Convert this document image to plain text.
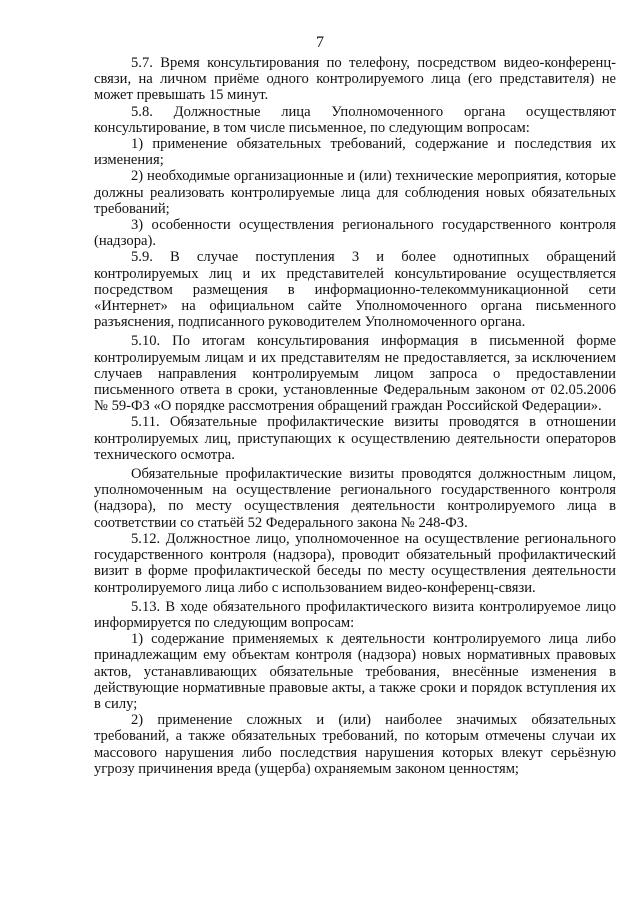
7

5.7. Время консультирования по телефону, посредством видео-конференц-связи, на личном приёме одного контролируемого лица (его представителя) не может превышать 15 минут.

5.8. Должностные лица Уполномоченного органа осуществляют консультирование, в том числе письменное, по следующим вопросам:

1) применение обязательных требований, содержание и последствия их изменения;

2) необходимые организационные и (или) технические мероприятия, которые должны реализовать контролируемые лица для соблюдения новых обязательных требований;

3) особенности осуществления регионального государственного контроля (надзора).

5.9. В случае поступления 3 и более однотипных обращений контролируемых лиц и их представителей консультирование осуществляется посредством размещения в информационно-телекоммуникационной сети «Интернет» на официальном сайте Уполномоченного органа письменного разъяснения, подписанного руководителем Уполномоченного органа.

5.10. По итогам консультирования информация в письменной форме контролируемым лицам и их представителям не предоставляется, за исключением случаев направления контролируемым лицом запроса о предоставлении письменного ответа в сроки, установленные Федеральным законом от 02.05.2006 № 59-ФЗ «О порядке рассмотрения обращений граждан Российской Федерации».

5.11. Обязательные профилактические визиты проводятся в отношении контролируемых лиц, приступающих к осуществлению деятельности операторов технического осмотра.

Обязательные профилактические визиты проводятся должностным лицом, уполномоченным на осуществление регионального государственного контроля (надзора), по месту осуществления деятельности контролируемого лица в соответствии со статьёй 52 Федерального закона № 248-ФЗ.

5.12. Должностное лицо, уполномоченное на осуществление регионального государственного контроля (надзора), проводит обязательный профилактический визит в форме профилактической беседы по месту осуществления деятельности контролируемого лица либо с использованием видео-конференц-связи.

5.13. В ходе обязательного профилактического визита контролируемое лицо информируется по следующим вопросам:

1) содержание применяемых к деятельности контролируемого лица либо принадлежащим ему объектам контроля (надзора) новых нормативных правовых актов, устанавливающих обязательные требования, внесённые изменения в действующие нормативные правовые акты, а также сроки и порядок вступления их в силу;

2) применение сложных и (или) наиболее значимых обязательных требований, а также обязательных требований, по которым отмечены случаи их массового нарушения либо последствия нарушения которых влекут серьёзную угрозу причинения вреда (ущерба) охраняемым законом ценностям;
